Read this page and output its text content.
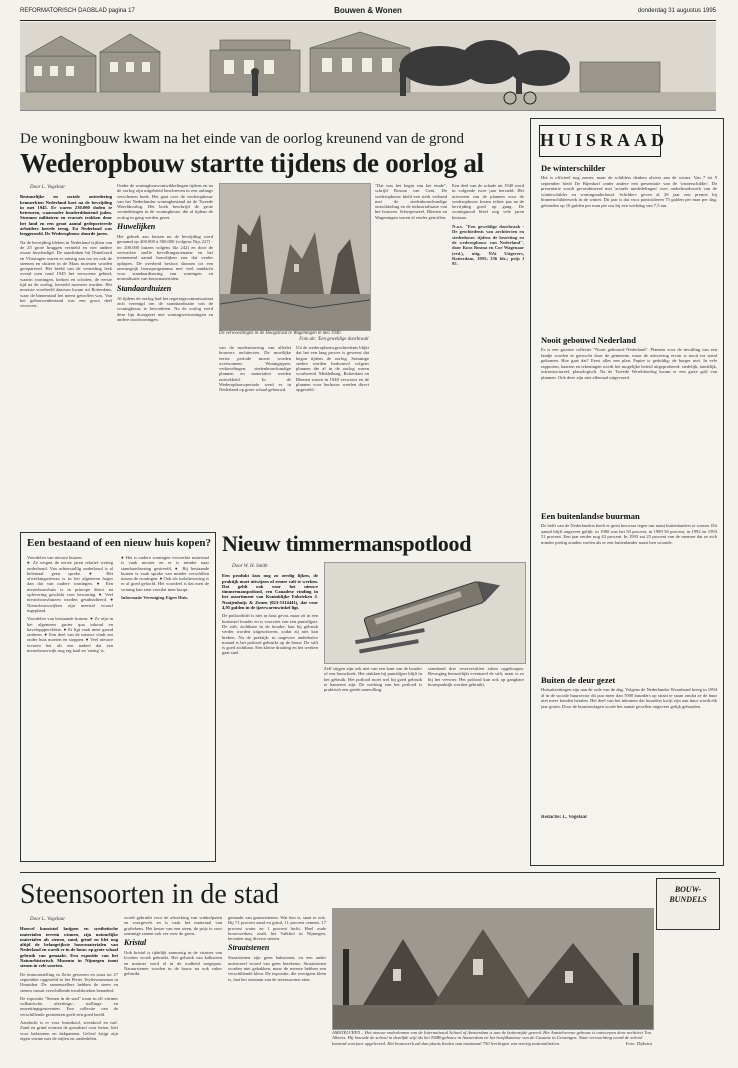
REFORMATORISCH DAGBLAD pagina 17	Bouwen & Wonen	donderdag 31 augustus 1995
De woningbouw kwam na het einde van de oorlog kreunend van de grond
Wederopbouw startte tijdens de oorlog al
Door L. Vogelaar
Bestuurlijke en sociale ontredering kenmerkten Nederland kort na de bevrijding in mei 1945. Er waren 230.000 doden te betreuren, waaronder honderdduizend joden. Stromen militairen en evacués trokken door het land en een groot aantal gedeporteerde arbeiders keerde terug. En Nederland was leeggeroofd. De Wederopbouw duurde jaren.
Na de bevrijding bleken in Nederland vijftien van de 25 grote bruggen vernield en vier andere zwaar beschadigd. De aanslinken bij Dinteloord en Vlissingen waren er ernstig aan toe en ook de steenen en sluizen in de Maas moesten worden gerepareerd. Het beeld van de vernieling leek overal toen rond 1945 het verwoeste gebied, waarin woningen, kerken en scholen, de eerste tijd na de oorlog, hersteld moesten worden. Het mooiste voorbeeld daarvan kwam uit Rotterdam, waar de binnenstad het meest getroffen was. Van het gebouwenbestand was een groot deel verwoest.
Onder de woningbouwontwikkelingen tijdens en na de oorlog zijn uitgebreid beschreven in een onlangs verschenen boek. Het gaat over de wederopbouw van het Nederlandse woningbestand na de Tweede Wereldoorlog. Het boek beschrijft de grote veranderingen in de woningbouw, die al tijdens de oorlog in gang werden gezet.
Huwelijken
Het gebrek aan huizen na de bevrijding werd geraamd op 400.000 à 500.000 (volgens Nijs 227) - ter 200.000 huizen volgens blz 242) en door de verwachte snelle bevolkingstoename en het toenemend aantal huwelijken zou dat verder oplopen. De overheid besloot daarom tot een omvangrijk bouwprogramma met veel aandacht voor standaardisering van woningen en normalisatie van bouwmaterialen.
Standaardtuizen
Al tijdens de oorlog had het regeringscommissariaat zich verenigd om de standaardisatie van de woningbouw te bevorderen. Na de oorlog werd deze lijn doorgezet met woningwetwoningen en andere noodwoningen.
De verwoestingen in de Hoogstraat te Wageningen in mei 1940.
Foto uit: 'Een geweldige doorbraak'
van de modernisering van allerlei bouwers architecten. De moeilijke eerste periode moest worden overwonnen. Woningtypen, verkavelingen, stedenbouwkundige plannen en materialen werden ontwikkeld. In de Wederopbouwperiode werd er in Nederland op grote schaal gebouwd.
Uit de wederopbouwgeschiedenis blijkt dat het een lang proces is geweest dat begon tijdens de oorlog. Sommige steden werden herbouwd volgens plannen die al in de oorlog waren voorbereid. Middelburg, Rotterdam en Rhenen waren in 1940 verwoest en de plannen voor herbouw werden direct opgesteld.
"Dat was het begin van het einde", schrijft Bosma van Gent. De wederopbouw hield een sterk verband met de stedenbouwkundige ontwikkeling en de industrialisatie van het bouwen. Scherpenzeel, Rhenen en Wageningen waren al eerder getroffen.
Een deel van de schade uit 1940 werd in volgende twee jaar hersteld. Het uitvoeren van de plannen voor de wederopbouw kwam echter pas na de bevrijding goed op gang. De woningnood bleef nog vele jaren bestaan.
N.a.v. "Een geweldige doorbraak - De geschiedenis van architecten en stedenbouw tijdens de bezetting en de wederopbouw van Nederland", door Koos Bosma en Cor Wagenaar (red.), uitg. NAi Uitgevers, Rotterdam, 1995; 336 blz.; prijs f 95.
HUISRAAD
De winterschilder
Het is officieel nog zomer, maar de schilders denken alweer aan de winter. Van 7 tot 9 september biedt De Bijenkorf onder andere een presentatie van de 'winterschilder'. De presentatie wordt gecombineerd met 'actuele mededelingen' over onderhoudswerk van de winterschilder en woningonderhoud. Schilders geven al 28 jaar een premie bij binnenschilderwerk in de winter. Dit jaar is dat voor particulieren 75 gulden per man per dag, gebonden op 10 gulden per man per uur bij een werkdag van 7,5 uur.
Nooit gebouwd Nederland
Er is een grootse collectie "Nooit gebouwd Nederland". Plannen voor de invulling van een landje worden er geroocht door de gemeente, maar de uitvoering ervan is nooit tot stand gekomen. Hoe gaat dat? Eerst alles een plan. Papier is geduldig; de burger niet. In vele rapporten, kaarten en tekeningen wordt het mogelijke beleid uitgeprobeerd: stedelijk, landelijk, infrastructureel, planologisch. Na de Tweede Wereldoorlog kwam er een grote golf van plannen. Ook deze zijn niet allemaal uitgevoerd.
Een buitenlandse buurman
De helft van de Nederlanders heeft er geen bezwaar tegen om naast buitenlanders te wonen. Dit aantal blijft ongeveer gelijk: in 1980 was het 50 procent, in 1989 56 procent, in 1992 en 1993 51 procent. Een jaar eerder nog 43 procent. In 1993 zat 23 procent van de mensen dat ze zich minder prettig zouden voelen als er een buitenlander naast hen woonde.
Buiten de deur gezet
Huisuitzettingen zijn aan de orde van de dag. Volgens de Nederlandse Woonbond kreeg in 1994 al in de sociale huursector dit jaar meer dan 7000 huurders op straat te staan omdat ze de huur niet meer konden betalen. Het deel van het inkomen dat huurders kwijt zijn aan huur wordt elk jaar groter. Door de huurtoeslagen wordt het aantal gevallen ongeveer gelijk gehouden.
Redactie: L. Vogelaar
Een bestaand of een nieuw huis kopen?
Voordelen van nieuwe huizen:
● Ze vergen de eerste jaren relatief weinig onderhoud. Van achterstallig onderhoud is al helemaal geen sprake. ● Het afwerkingsniveau is in het algemeen hoger dan dat van oudere woningen. ● Een nieuwbouwhuis is in principe direct na oplevering geschikt voor bewoning. ● Veel nieuwbouwhuizen worden gesubsidieerd. ● Nieuwbouwwijken zijn meestal vooraf ingepland.
Voordelen van bestaande huizen: ● Ze zijn in het algemeen groter qua inhoud en kavelopppervlakte. ● Er ligt vaak meer grond omheen. ● Een deel van de nieuwe vindt om onder huis moeten en stoppen. ● Veel nieuwe ervaren het als een nadeel dat een nieuwbouwwijk nog erg kaal en 'stenig' is.
● Het is oudere woningen verwerkte materiaal is vaak mooier en er is minder naar standaardisering gestreefd. ● Bij bestaande huizen is vaak sprake van minder verschillen tussen de woningen. ● Ook als isolatiewering is er al goed geloofd. Het voordeel is dat men de woning kan zien voordat men koopt.
Informatie Vereniging Eigen Huis.
Nieuw timmermanspotlood
Door W. H. Smith
Een produkt kun nog zo oerdig lijken, de praktijk moet uitwijzen of ermee valt te werken. Dat geldt ook voor het nieuwe timmermanspotlood, een Canadese vinding in het assortiment van Koninklijke Fabrieken J. Nooijenhuijs & Zonen (023-5314441), dat voor 4,95 gulden in de ijzerwarenwinkel ligt.
De potloodstift is niet in hout gevat, maar zit in een kunststof houder en is voorzien van een puntslijper. De stift, zichtbaar in de houder, kan bij gebruik verder worden uitgeschoven, zodat zij niet kan breken. Na de praktijk: in ongeveer anderhalve maand is het potlood gebruikt op de bouw. De stift is goed zichtbaar. Een kleine draaiing en het werken gaat snel.
Zelf stijgen zijn ook niet van een kant van de houder of een bouwhoek. Het stukken bij puntslijper blijft in het gebruik. Het potlood moet wel bij goed gebruik te hanteren zijn. De werking van het potlood is praktisch een goede aanvulling.
standaard drie reservestiften zitten opgeborgen. Beweging bemoeilijkt eventueel de stift, maar is zo bij het vervoer. Het potlood kan ook op gangbare bouwpraktijk worden gebruikt.
Steensoorten in de stad
Door L. Vogelaar
Hoewel kunststof knijpen en synthetische materialen terrein winnen, zijn natuurlijke materialen als stenen, zand, grind en klei nog altijd de belangrijkste bouwmaterialen van Nederland en wordt er in de bouw op grote schaal gebruik van gemaakt. Een expositie van het Natuurhistorisch Museum in Nijmegen toont stenen in vele soorten.
De tentoonstelling in Zeist gewezen en staat tot 27 september opgesteld in het Pieter Teylersmuseum in IJmuiden. De samenstellers hebben de steen en stenen vanuit verschillende invalshoeken benaderd.
De expositie "Stenen in de stad" toont in elf vitrines vulkanische, afzettings-, stollings- en omzettingsgesteenten. Een collectie van de verschillende gesteenten geeft een goed beeld.
Aandacht is er voor bruinkool, steenkool en turf. Zand en grind vormen de grondstof voor beton, klei voor bakstenen en dakpannen. Geloof krijgt zijn eigen vitrine met de stijlen en onderdelen.
wordt gebruikt voor de afwerking van winkelpuien en voorgevels en is vaak het materiaal van graftekens. Het keuze van een steen, de prijs is voor sommige ramen ook ver over de grens.
Kristal
Ook kristal is tijdelijk aanwezig in de vitrines van locaties wordt gebruikt. Het gebruik van kalksteen en marmer werd al in de oudheid toegepast. Natuurstenen worden in de bouw nu ook vaker gebruikt.
gemaakt van granietstenen. Wat hen is, staat er ook. Bij 71 procent zand en grind, 11 procent cement, 17 procent water en 1 procent lucht. Hoel oude bouwwerken, zoals het Valkhof in Nijmegen, bevatten nog diverse stenen.
Straatstenen
Straatstenen zijn geen bakstenen, en een ander universeel woord van geen betekenis. Straatstenen worden niet gebakken, maar de meeste hebben een verschillende kleur. De expositie, die overigens klein is, laat het ontstaan van de steensoorten zien.
AMSTELVEEN – Het nieuwe onderkomen van de International School of Amsterdam is aan de buitenzijde gereed. Het Amstelveense gebouw is ontworpen door architect Ton Alberts. Hij bouwde de school in dezelfde stijl als het NMB-gebouw in Amsterdam en het hoofdkantoor van de Gasunie in Groningen. Naar verwachting wordt de school komend voorjaar opgeleverd. Het bouwwerk zal dan plaats bieden aan maximaal 750 leerlingen van veertig nationaliteiten.	Foto: Dijkstra
BOUW-BUNDELS
